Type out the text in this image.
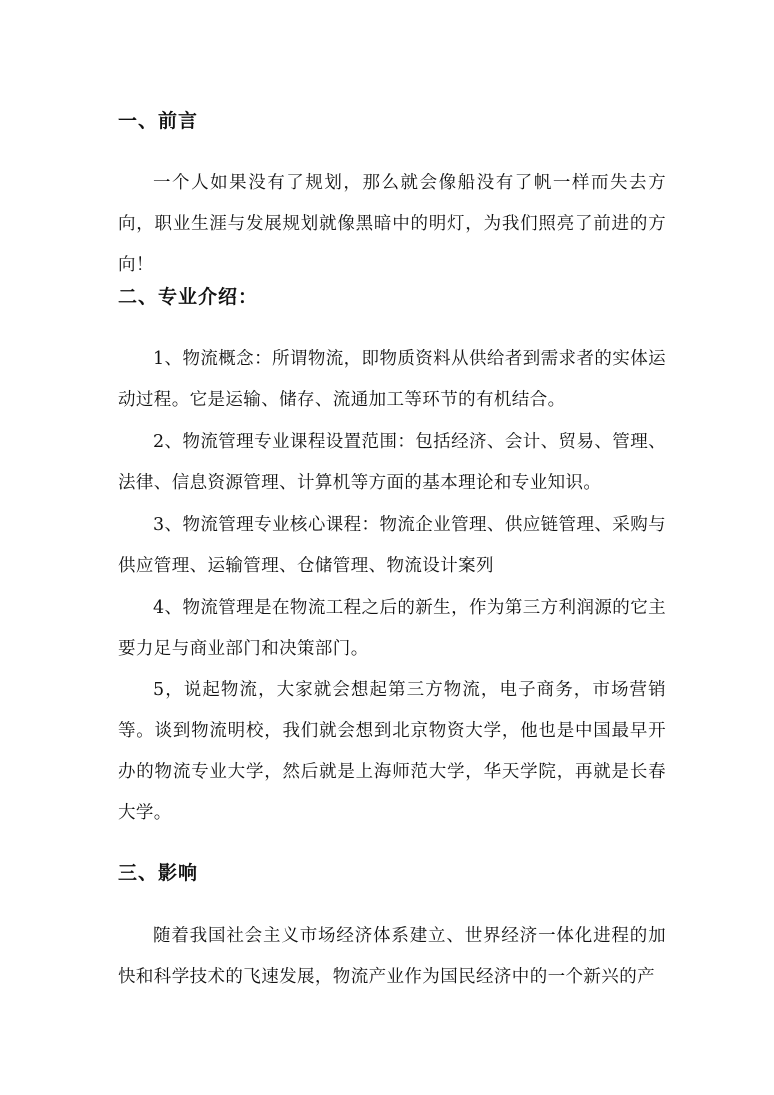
一、前言

一个人如果没有了规划，那么就会像船没有了帆一样而失去方向，职业生涯与发展规划就像黑暗中的明灯，为我们照亮了前进的方向！

二、专业介绍：

1、物流概念：所谓物流，即物质资料从供给者到需求者的实体运动过程。它是运输、储存、流通加工等环节的有机结合。

2、物流管理专业课程设置范围：包括经济、会计、贸易、管理、法律、信息资源管理、计算机等方面的基本理论和专业知识。

3、物流管理专业核心课程：物流企业管理、供应链管理、采购与供应管理、运输管理、仓储管理、物流设计案列

4、物流管理是在物流工程之后的新生，作为第三方利润源的它主要力足与商业部门和决策部门。

5，说起物流，大家就会想起第三方物流，电子商务，市场营销等。谈到物流明校，我们就会想到北京物资大学，他也是中国最早开办的物流专业大学，然后就是上海师范大学，华天学院，再就是长春大学。

三、影响

随着我国社会主义市场经济体系建立、世界经济一体化进程的加快和科学技术的飞速发展，物流产业作为国民经济中的一个新兴的产
